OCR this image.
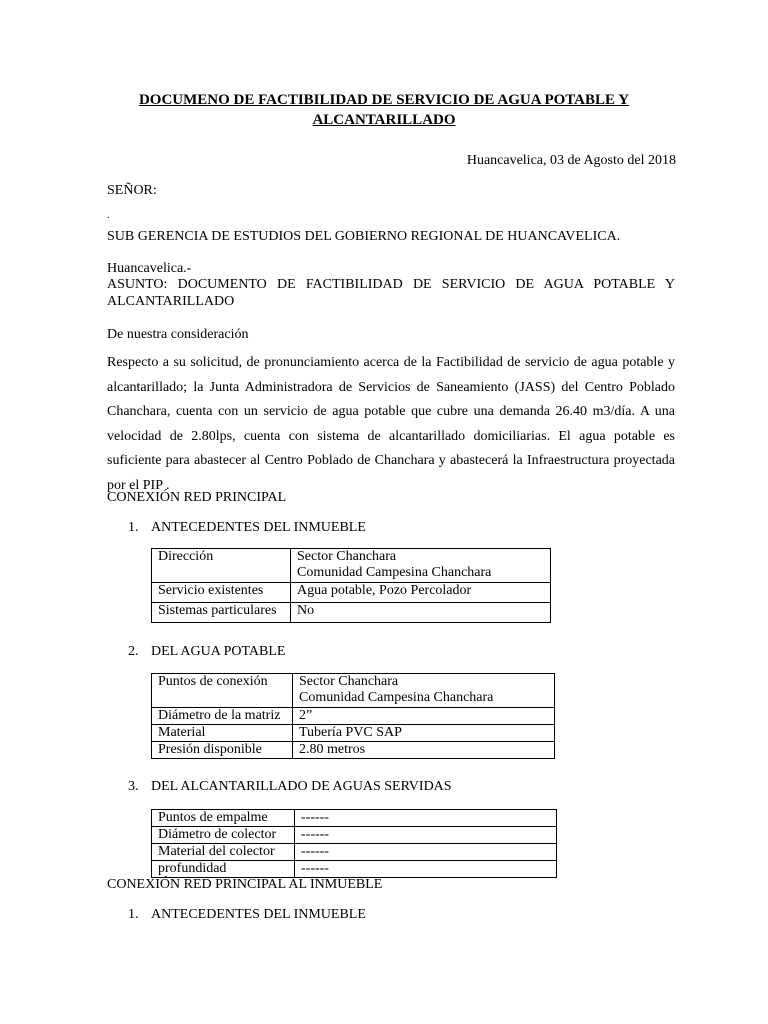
DOCUMENO DE FACTIBILIDAD DE SERVICIO DE AGUA POTABLE Y
ALCANTARILLADO
Huancavelica, 03 de Agosto del 2018
SEÑOR:
.
SUB GERENCIA DE ESTUDIOS DEL GOBIERNO REGIONAL DE HUANCAVELICA.
Huancavelica.-
ASUNTO: DOCUMENTO DE FACTIBILIDAD DE SERVICIO DE AGUA POTABLE Y
ALCANTARILLADO
De nuestra consideración
Respecto a su solicitud, de pronunciamiento acerca de la Factibilidad de servicio de agua potable y alcantarillado; la Junta Administradora de Servicios de Saneamiento (JASS) del Centro Poblado Chanchara, cuenta con un servicio de agua potable que cubre una demanda 26.40 m3/día. A una velocidad de 2.80lps, cuenta con sistema de alcantarillado domiciliarias. El agua potable es suficiente para abastecer al Centro Poblado de Chanchara y abastecerá la Infraestructura proyectada por el PIP .
CONEXIÓN RED PRINCIPAL
1. ANTECEDENTES DEL INMUEBLE
Dirección	Sector Chanchara
Comunidad Campesina Chanchara
Servicio existentes	Agua potable, Pozo Percolador
Sistemas particulares	No
2. DEL AGUA POTABLE
Puntos de conexión	Sector Chanchara
Comunidad Campesina Chanchara
Diámetro de la matriz	2”
Material	Tubería PVC SAP
Presión disponible	2.80 metros
3. DEL ALCANTARILLADO DE AGUAS SERVIDAS
Puntos de empalme	------
Diámetro de colector	------
Material del colector	------
profundidad	------
CONEXIÓN RED PRINCIPAL AL INMUEBLE
1. ANTECEDENTES DEL INMUEBLE
